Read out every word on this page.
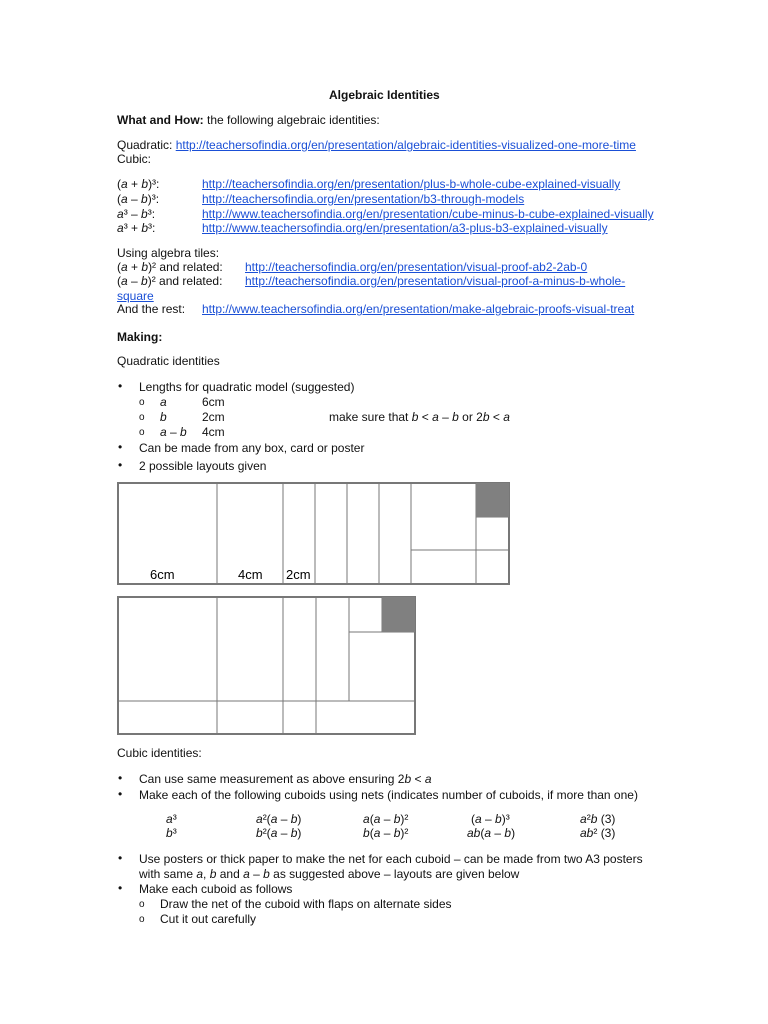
Algebraic Identities
What and How: the following algebraic identities:
Quadratic: http://teachersofindia.org/en/presentation/algebraic-identities-visualized-one-more-time
Cubic:
(a + b)³:	http://teachersofindia.org/en/presentation/plus-b-whole-cube-explained-visually
(a – b)³:	http://teachersofindia.org/en/presentation/b3-through-models
a³ – b³:	http://www.teachersofindia.org/en/presentation/cube-minus-b-cube-explained-visually
a³ + b³:	http://www.teachersofindia.org/en/presentation/a3-plus-b3-explained-visually
Using algebra tiles:
(a + b)² and related: http://teachersofindia.org/en/presentation/visual-proof-ab2-2ab-0
(a – b)² and related: http://teachersofindia.org/en/presentation/visual-proof-a-minus-b-whole-
square
And the rest: http://www.teachersofindia.org/en/presentation/make-algebraic-proofs-visual-treat
Making:
Quadratic identities
• Lengths for quadratic model (suggested)
o a	6cm
o b	2cm	make sure that b < a – b or 2b < a
o a – b 4cm
• Can be made from any box, card or poster
• 2 possible layouts given
6cm	4cm 2cm
Cubic identities:
• Can use same measurement as above ensuring 2b < a
• Make each of the following cuboids using nets (indicates number of cuboids, if more than one)
a³	a²(a – b)	a(a – b)²	(a – b)³	a²b (3)
b³	b²(a – b)	b(a – b)²	ab(a – b)	ab² (3)
• Use posters or thick paper to make the net for each cuboid – can be made from two A3 posters
with same a, b and a – b as suggested above – layouts are given below
• Make each cuboid as follows
o Draw the net of the cuboid with flaps on alternate sides
o Cut it out carefully
